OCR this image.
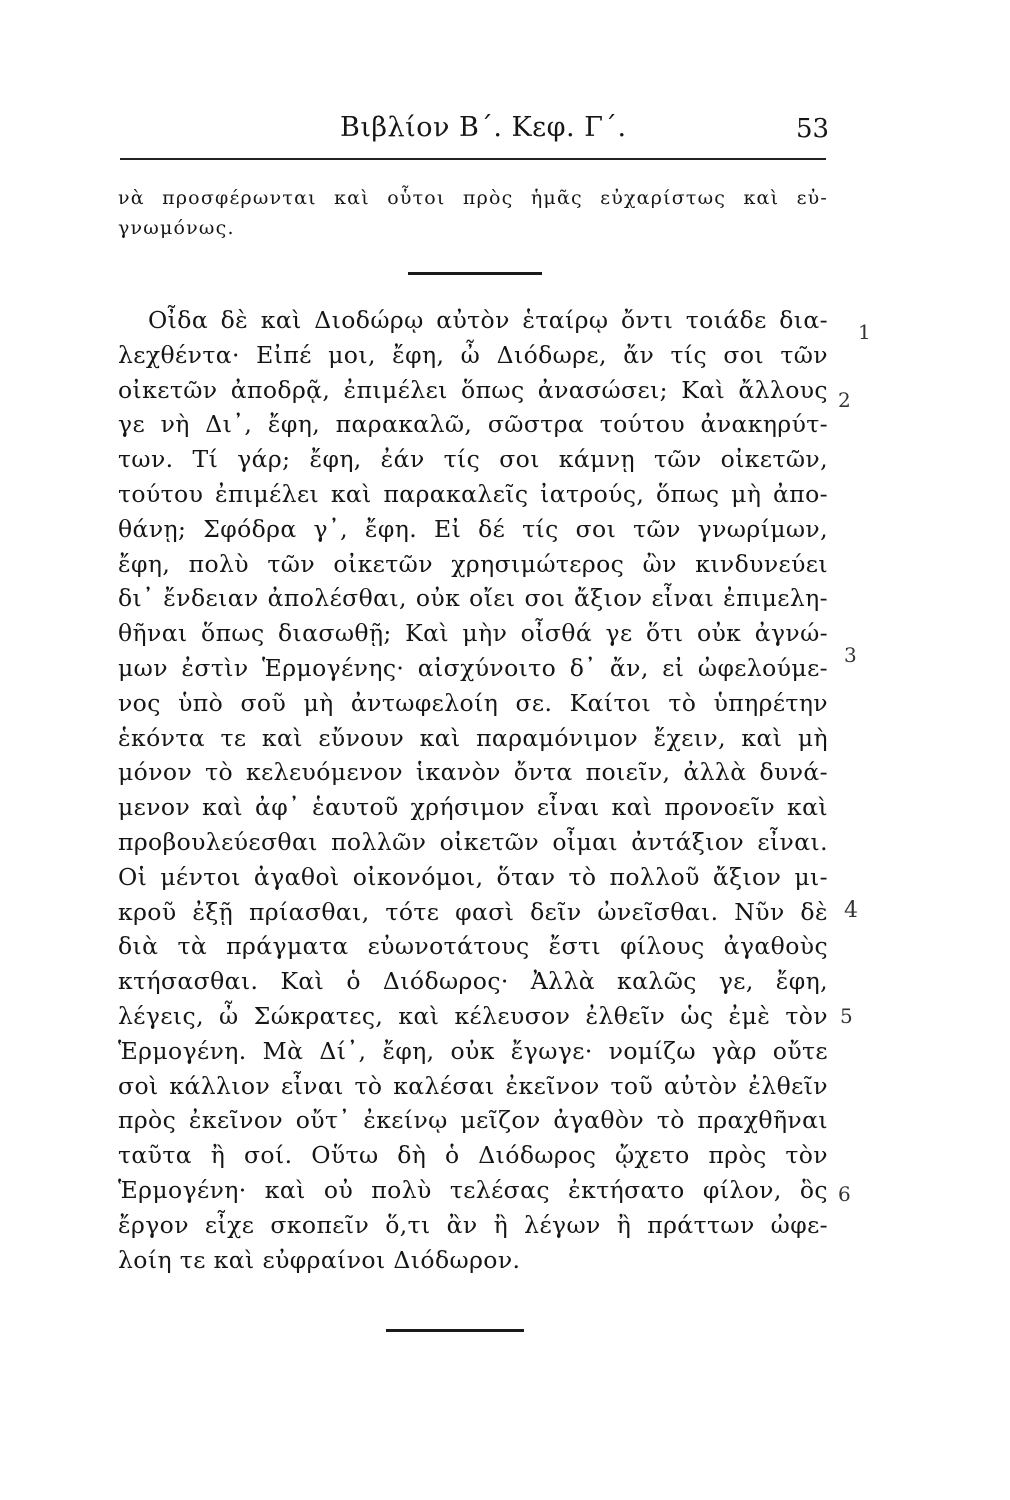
Βιβλίον Β΄. Κεφ. Γ΄.	53
νὰ προσφέρωνται καὶ οὗτοι πρὸς ἡμᾶς εὐχαρίστως καὶ εὐ-
γνωμόνως.
Οἶδα δὲ καὶ Διοδώρῳ αὐτὸν ἑταίρῳ ὄντι τοιάδε δια-
λεχθέντα· Εἰπέ μοι, ἔφη, ὦ Διόδωρε, ἄν τίς σοι τῶν
οἰκετῶν ἀποδρᾷ, ἐπιμέλει ὅπως ἀνασώσει; Καὶ ἄλλους
γε νὴ Δι᾽, ἔφη, παρακαλῶ, σῶστρα τούτου ἀνακηρύτ-
των. Τί γάρ; ἔφη, ἐάν τίς σοι κάμνῃ τῶν οἰκετῶν,
τούτου ἐπιμέλει καὶ παρακαλεῖς ἰατρούς, ὅπως μὴ ἀπο-
θάνῃ; Σφόδρα γ᾽, ἔφη. Εἰ δέ τίς σοι τῶν γνωρίμων,
ἔφη, πολὺ τῶν οἰκετῶν χρησιμώτερος ὢν κινδυνεύει
δι᾽ ἔνδειαν ἀπολέσθαι, οὐκ οἴει σοι ἄξιον εἶναι ἐπιμελη-
θῆναι ὅπως διασωθῇ; Καὶ μὴν οἶσθά γε ὅτι οὐκ ἀγνώ-
μων ἐστὶν Ἑρμογένης· αἰσχύνοιτο δ᾽ ἄν, εἰ ὠφελούμε-
νος ὑπὸ σοῦ μὴ ἀντωφελοίη σε. Καίτοι τὸ ὑπηρέτην
ἑκόντα τε καὶ εὔνουν καὶ παραμόνιμον ἔχειν, καὶ μὴ
μόνον τὸ κελευόμενον ἱκανὸν ὄντα ποιεῖν, ἀλλὰ δυνά-
μενον καὶ ἀφ᾽ ἑαυτοῦ χρήσιμον εἶναι καὶ προνοεῖν καὶ
προβουλεύεσθαι πολλῶν οἰκετῶν οἶμαι ἀντάξιον εἶναι.
Οἱ μέντοι ἀγαθοὶ οἰκονόμοι, ὅταν τὸ πολλοῦ ἄξιον μι-
κροῦ ἐξῇ πρίασθαι, τότε φασὶ δεῖν ὠνεῖσθαι. Νῦν δὲ
διὰ τὰ πράγματα εὐωνοτάτους ἔστι φίλους ἀγαθοὺς
κτήσασθαι. Καὶ ὁ Διόδωρος· Ἀλλὰ καλῶς γε, ἔφη,
λέγεις, ὦ Σώκρατες, καὶ κέλευσον ἐλθεῖν ὡς ἐμὲ τὸν
Ἑρμογένη. Μὰ Δί᾽, ἔφη, οὐκ ἔγωγε· νομίζω γὰρ οὔτε
σοὶ κάλλιον εἶναι τὸ καλέσαι ἐκεῖνον τοῦ αὐτὸν ἐλθεῖν
πρὸς ἐκεῖνον οὔτ᾽ ἐκείνῳ μεῖζον ἀγαθὸν τὸ πραχθῆναι
ταῦτα ἢ σοί. Οὕτω δὴ ὁ Διόδωρος ᾤχετο πρὸς τὸν
Ἑρμογένη· καὶ οὐ πολὺ τελέσας ἐκτήσατο φίλον, ὃς
ἔργον εἶχε σκοπεῖν ὅ,τι ἂν ἢ λέγων ἢ πράττων ὠφε-
λοίη τε καὶ εὐφραίνοι Διόδωρον.
1
2
3
4
5
6
